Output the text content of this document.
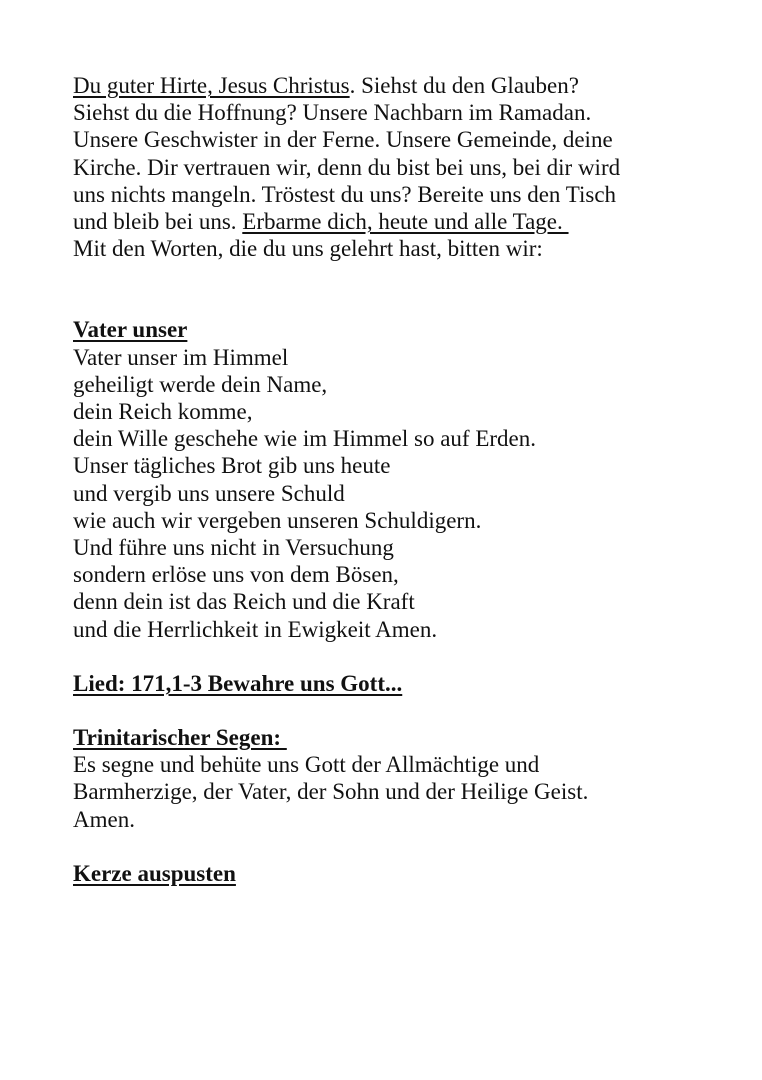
Du guter Hirte, Jesus Christus. Siehst du den Glauben?
Siehst du die Hoffnung? Unsere Nachbarn im Ramadan.
Unsere Geschwister in der Ferne. Unsere Gemeinde, deine
Kirche. Dir vertrauen wir, denn du bist bei uns, bei dir wird
uns nichts mangeln. Tröstest du uns? Bereite uns den Tisch
und bleib bei uns. Erbarme dich, heute und alle Tage.
Mit den Worten, die du uns gelehrt hast, bitten wir:
Vater unser
Vater unser im Himmel
geheiligt werde dein Name,
dein Reich komme,
dein Wille geschehe wie im Himmel so auf Erden.
Unser tägliches Brot gib uns heute
und vergib uns unsere Schuld
wie auch wir vergeben unseren Schuldigern.
Und führe uns nicht in Versuchung
sondern erlöse uns von dem Bösen,
denn dein ist das Reich und die Kraft
und die Herrlichkeit in Ewigkeit Amen.
Lied: 171,1-3 Bewahre uns Gott...
Trinitarischer Segen:
Es segne und behüte uns Gott der Allmächtige und
Barmherzige, der Vater, der Sohn und der Heilige Geist.
Amen.
Kerze auspusten
